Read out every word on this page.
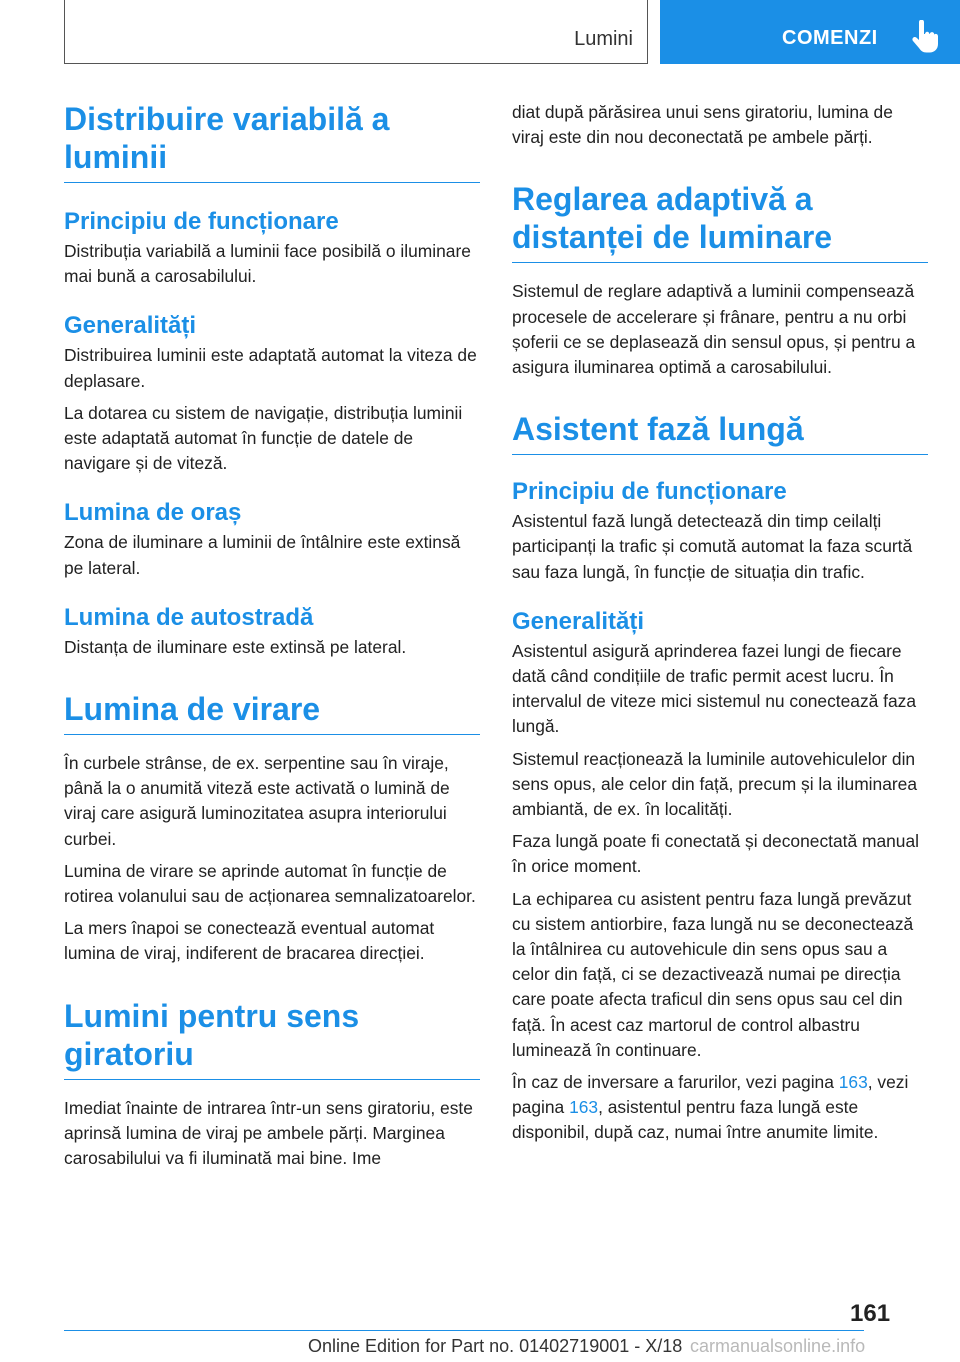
Lumini	COMENZI
Distribuire variabilă a luminii
Principiu de funcționare

Distribuția variabilă a luminii face posibilă o iluminare mai bună a carosabilului.

Generalități

Distribuirea luminii este adaptată automat la viteza de deplasare.

La dotarea cu sistem de navigație, distribuția luminii este adaptată automat în funcție de datele de navigare și de viteză.

Lumina de oraș

Zona de iluminare a luminii de întâlnire este extinsă pe lateral.

Lumina de autostradă

Distanța de iluminare este extinsă pe lateral.

Lumina de virare

În curbele strânse, de ex. serpentine sau în viraje, până la o anumită viteză este activată o lumină de viraj care asigură luminozitatea asupra interiorului curbei.

Lumina de virare se aprinde automat în funcție de rotirea volanului sau de acționarea semnalizatoarelor.

La mers înapoi se conectează eventual automat lumina de viraj, indiferent de bracarea direcției.

Lumini pentru sens giratoriu

Imediat înainte de intrarea într-un sens giratoriu, este aprinsă lumina de viraj pe ambele părți. Marginea carosabilului va fi iluminată mai bine. Ime

diat după părăsirea unui sens giratoriu, lumina de viraj este din nou deconectată pe ambele părți.

Reglarea adaptivă a distanței de luminare

Sistemul de reglare adaptivă a luminii compensează procesele de accelerare și frânare, pentru a nu orbi șoferii ce se deplasează din sensul opus, și pentru a asigura iluminarea optimă a carosabilului.

Asistent fază lungă
Principiu de funcționare

Asistentul fază lungă detectează din timp ceilalți participanți la trafic și comută automat la faza scurtă sau faza lungă, în funcție de situația din trafic.

Generalități

Asistentul asigură aprinderea fazei lungi de fiecare dată când condițiile de trafic permit acest lucru. În intervalul de viteze mici sistemul nu conectează faza lungă.

Sistemul reacționează la luminile autovehiculelor din sens opus, ale celor din față, precum și la iluminarea ambiantă, de ex. în localități.

Faza lungă poate fi conectată și deconectată manual în orice moment.

La echiparea cu asistent pentru faza lungă prevăzut cu sistem antiorbire, faza lungă nu se deconectează la întâlnirea cu autovehicule din sens opus sau a celor din față, ci se dezactivează numai pe direcția care poate afecta traficul din sens opus sau cel din față. În acest caz martorul de control albastru luminează în continuare.

În caz de inversare a farurilor, vezi pagina 163, vezi pagina 163, asistentul pentru faza lungă este disponibil, după caz, numai între anumite limite.

161
Online Edition for Part no. 01402719001 - X/18 carmanualsonline.info
